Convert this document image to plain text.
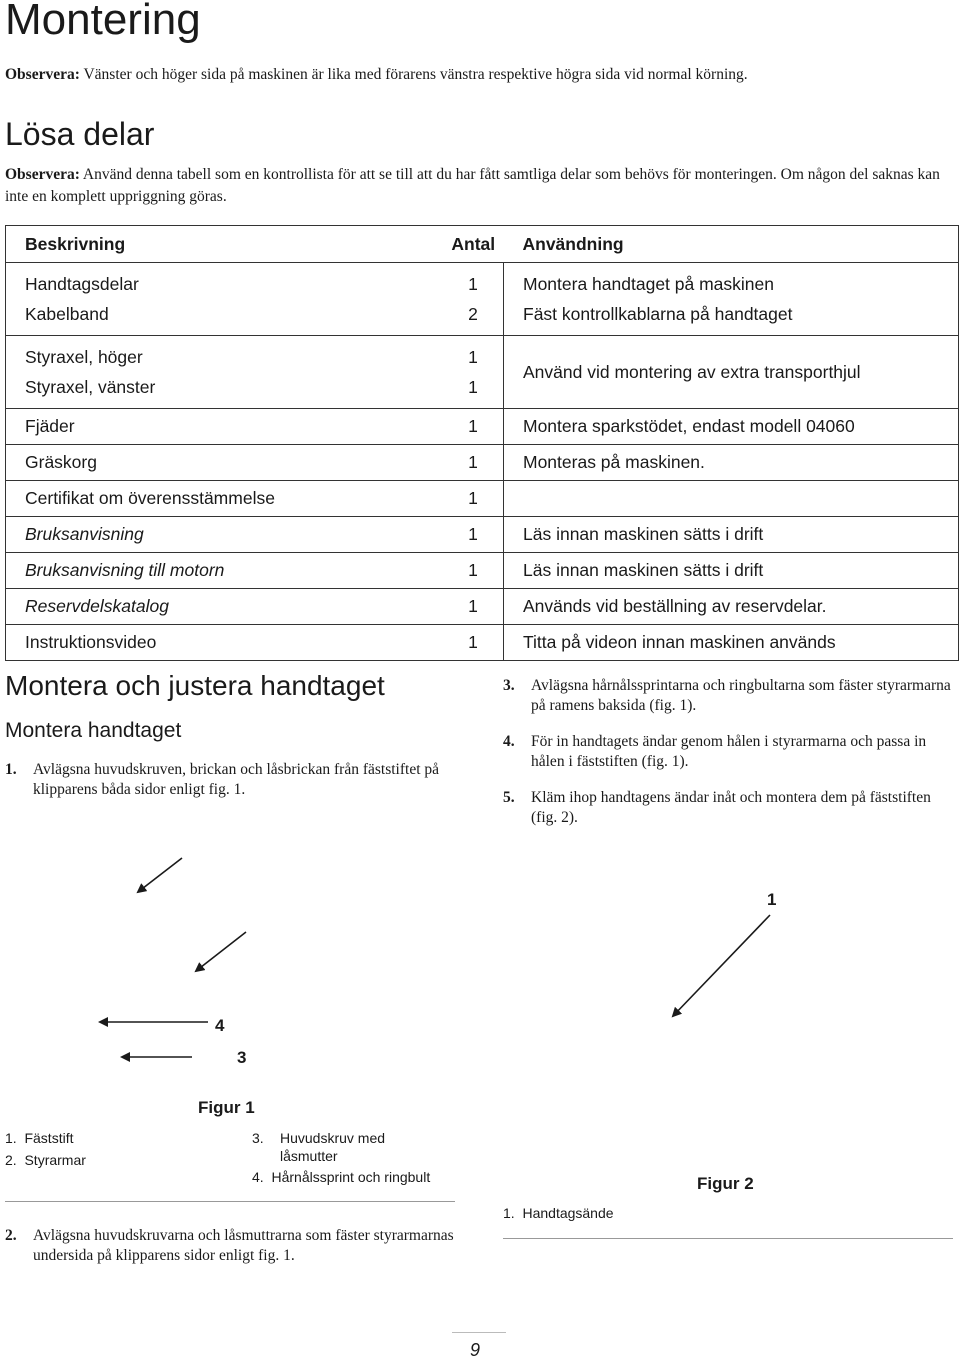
Montering
Observera: Vänster och höger sida på maskinen är lika med förarens vänstra respektive högra sida vid normal körning.
Lösa delar
Observera: Använd denna tabell som en kontrollista för att se till att du har fått samtliga delar som behövs för monteringen. Om någon del saknas kan inte en komplett uppriggning göras.
Beskrivning	Antal	Användning
Handtagsdelar	1	Montera handtaget på maskinen
Kabelband	2	Fäst kontrollkablarna på handtaget
Styraxel, höger	1	Använd vid montering av extra transporthjul
Styraxel, vänster	1	
Fjäder	1	Montera sparkstödet, endast modell 04060
Gräskorg	1	Monteras på maskinen.
Certifikat om överensstämmelse	1	
Bruksanvisning	1	Läs innan maskinen sätts i drift
Bruksanvisning till motorn	1	Läs innan maskinen sätts i drift
Reservdelskatalog	1	Används vid beställning av reservdelar.
Instruktionsvideo	1	Titta på videon innan maskinen används
Montera och justera handtaget
Montera handtaget
1.	Avlägsna huvudskruven, brickan och låsbrickan från fäststiftet på klipparens båda sidor enligt fig. 1.
3.	Avlägsna hårnålssprintarna och ringbultarna som fäster styrarmarna på ramens baksida (fig. 1).
4.	För in handtagets ändar genom hålen i styrarmarna och passa in hålen i fäststiften (fig. 1).
5.	Kläm ihop handtagens ändar inåt och montera dem på fäststiften (fig. 2).
1
4
3
Figur 1
1. Fäststift
2. Styrarmar
3.	Huvudskruv med låsmutter
4. Hårnålssprint och ringbult
2.	Avlägsna huvudskruvarna och låsmuttrarna som fäster styrarmarnas undersida på klipparens sidor enligt fig. 1.
Figur 2
1. Handtagsände
9
